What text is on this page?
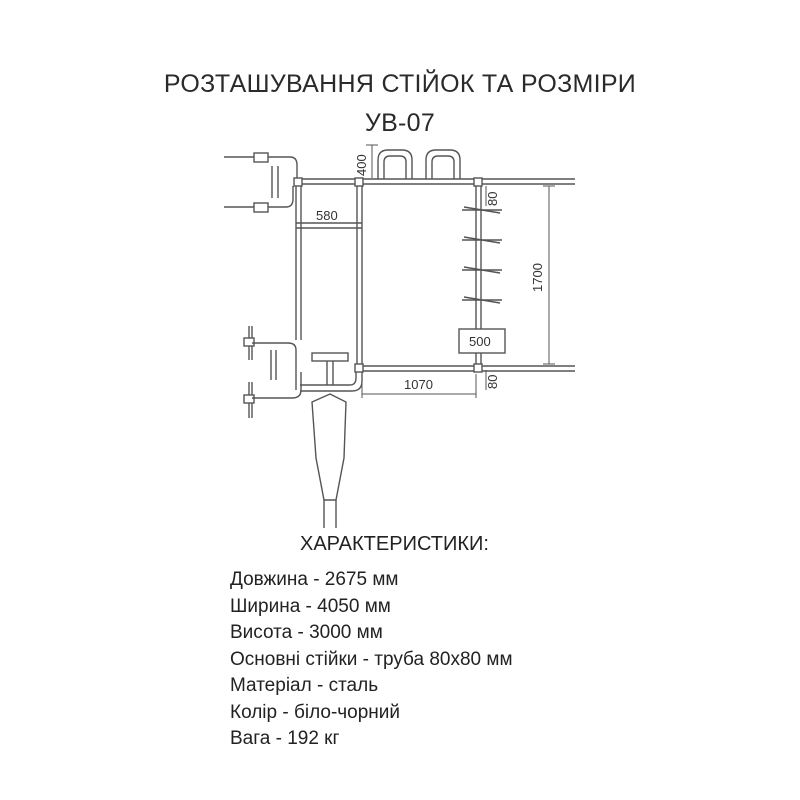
РОЗТАШУВАННЯ СТІЙОК ТА РОЗМІРИ
УВ-07
400
580
80
1700
500
1070	80
ХАРАКТЕРИСТИКИ:
Довжина - 2675 мм
Ширина - 4050 мм
Висота - 3000 мм
Основні стійки - труба 80х80 мм
Матеріал - сталь
Колір - біло-чорний
Вага - 192 кг
